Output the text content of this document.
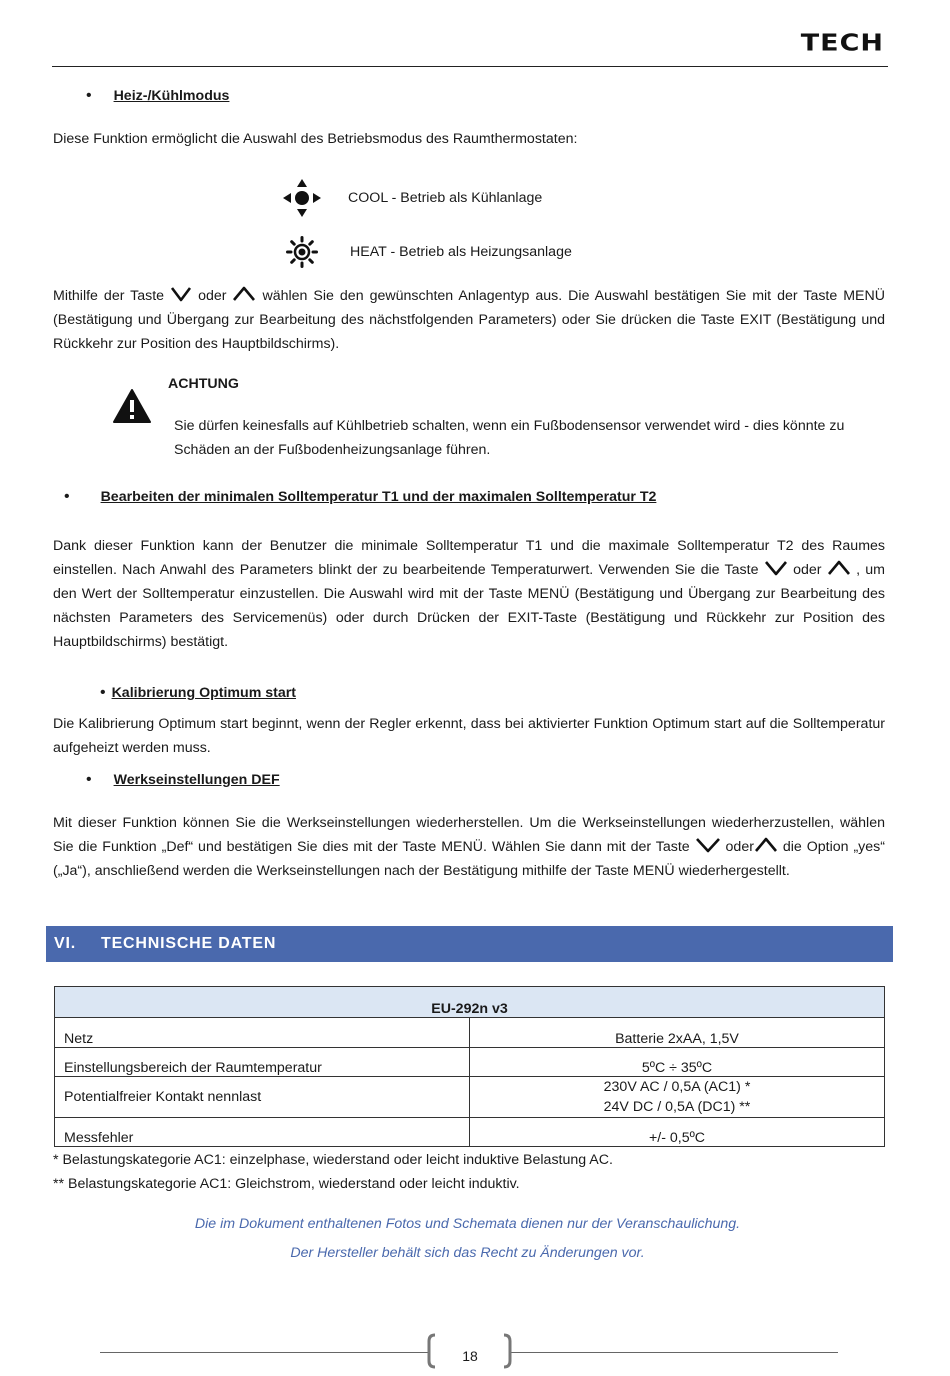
TECH
• Heiz-/Kühlmodus

Diese Funktion ermöglicht die Auswahl des Betriebsmodus des Raumthermostaten:

COOL - Betrieb als Kühlanlage
HEAT - Betrieb als Heizungsanlage

Mithilfe der Taste oder	wählen Sie den gewünschten Anlagentyp aus. Die Auswahl bestätigen Sie mit der Taste MENÜ (Bestätigung und Übergang zur Bearbeitung des nächstfolgenden Parameters) oder Sie drücken die Taste EXIT (Bestätigung und Rückkehr zur Position des Hauptbildschirms).

ACHTUNG

Sie dürfen keinesfalls auf Kühlbetrieb schalten, wenn ein Fußbodensensor verwendet wird - dies könnte zu Schäden an der Fußbodenheizungsanlage führen.

• Bearbeiten der minimalen Solltemperatur T1 und der maximalen Solltemperatur T2

Dank dieser Funktion kann der Benutzer die minimale Solltemperatur T1 und die maximale Solltemperatur T2 des Raumes einstellen. Nach Anwahl des Parameters blinkt der zu bearbeitende Temperaturwert. Verwenden Sie die Taste oder , um den Wert der Solltemperatur einzustellen. Die Auswahl wird mit der Taste MENÜ (Bestätigung und Übergang zur Bearbeitung des nächsten Parameters des Servicemenüs) oder durch Drücken der EXIT-Taste (Bestätigung und Rückkehr zur Position des Hauptbildschirms) bestätigt.

• Kalibrierung Optimum start

Die Kalibrierung Optimum start beginnt, wenn der Regler erkennt, dass bei aktivierter Funktion Optimum start auf die Solltemperatur aufgeheizt werden muss.

• Werkseinstellungen DEF

Mit dieser Funktion können Sie die Werkseinstellungen wiederherstellen. Um die Werkseinstellungen wiederherzustellen, wählen Sie die Funktion „Def“ und bestätigen Sie dies mit der Taste MENÜ. Wählen Sie dann mit der Taste	oder die Option „yes“ („Ja“), anschließend werden die Werkseinstellungen nach der Bestätigung mithilfe der Taste MENÜ wiederhergestellt.

VI.	TECHNISCHE DATEN
EU-292n v3	
Netz	Batterie 2xAA, 1,5V
Einstellungsbereich der Raumtemperatur	5ºC ÷ 35ºC
Potentialfreier Kontakt nennlast	230V AC / 0,5A (AC1) *
24V DC / 0,5A (DC1) **

Messfehler	+/- 0,5ºC
* Belastungskategorie AC1: einzelphase, wiederstand oder leicht induktive Belastung AC.
** Belastungskategorie AC1: Gleichstrom, wiederstand oder leicht induktiv.
Die im Dokument enthaltenen Fotos und Schemata dienen nur der Veranschaulichung.
Der Hersteller behält sich das Recht zu Änderungen vor.
18
